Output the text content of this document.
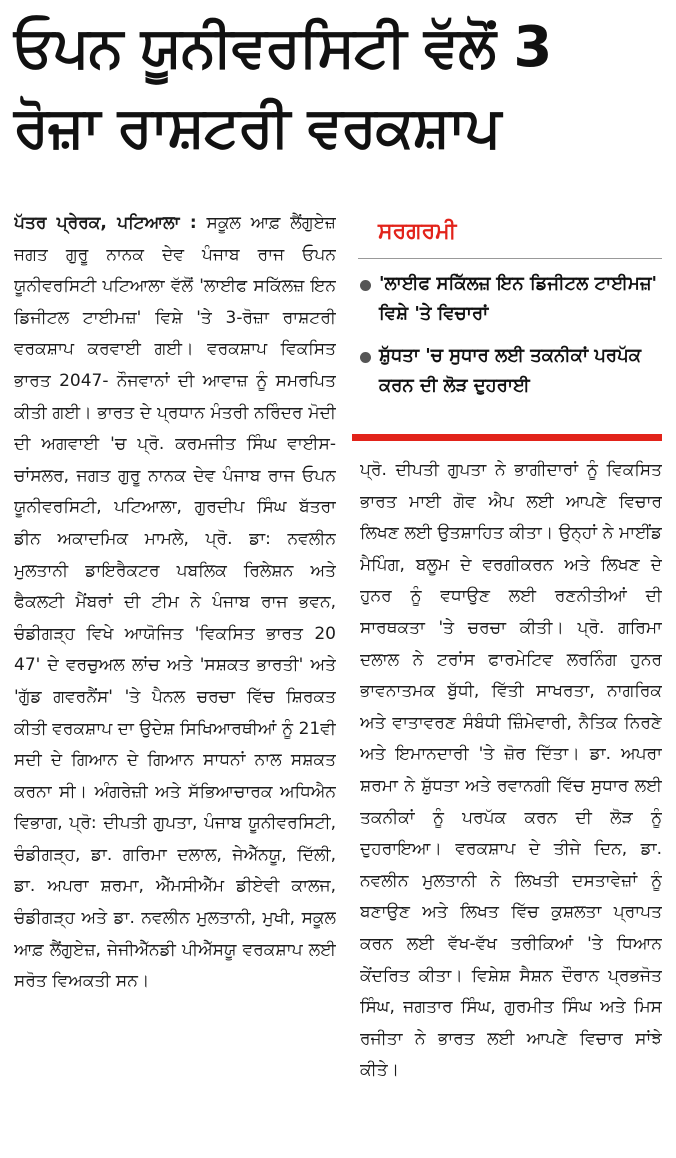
ਓਪਨ ਯੂਨੀਵਰਸਿਟੀ ਵੱਲੋਂ 3
ਰੋਜ਼ਾ ਰਾਸ਼ਟਰੀ ਵਰਕਸ਼ਾਪ

ਪੱਤਰ ਪ੍ਰੇਰਕ, ਪਟਿਆਲਾ : ਸਕੂਲ ਆਫ਼ ਲੈਂਗੁਏਜ਼ ਜਗਤ ਗੁਰੂ ਨਾਨਕ ਦੇਵ ਪੰਜਾਬ ਰਾਜ ਓਪਨ ਯੂਨੀਵਰਸਿਟੀ ਪਟਿਆਲਾ ਵੱਲੋਂ 'ਲਾਈਫ ਸਕਿੱਲਜ਼ ਇਨ ਡਿਜੀਟਲ ਟਾਈਮਜ਼' ਵਿਸ਼ੇ 'ਤੇ 3-ਰੋਜ਼ਾ ਰਾਸ਼ਟਰੀ ਵਰਕਸ਼ਾਪ ਕਰਵਾਈ ਗਈ। ਵਰਕਸ਼ਾਪ ਵਿਕਸਿਤ ਭਾਰਤ 2047- ਨੌਜਵਾਨਾਂ ਦੀ ਆਵਾਜ਼ ਨੂੰ ਸਮਰਪਿਤ ਕੀਤੀ ਗਈ। ਭਾਰਤ ਦੇ ਪ੍ਰਧਾਨ ਮੰਤਰੀ ਨਰਿੰਦਰ ਮੋਦੀ ਦੀ ਅਗਵਾਈ 'ਚ ਪ੍ਰੋ. ਕਰਮਜੀਤ ਸਿੰਘ ਵਾਈਸ-ਚਾਂਸਲਰ, ਜਗਤ ਗੁਰੂ ਨਾਨਕ ਦੇਵ ਪੰਜਾਬ ਰਾਜ ਓਪਨ ਯੂਨੀਵਰਸਿਟੀ, ਪਟਿਆਲਾ, ਗੁਰਦੀਪ ਸਿੰਘ ਬੱਤਰਾ ਡੀਨ ਅਕਾਦਮਿਕ ਮਾਮਲੇ, ਪ੍ਰੋ. ਡਾ: ਨਵਲੀਨ ਮੁਲਤਾਨੀ ਡਾਇਰੈਕਟਰ ਪਬਲਿਕ ਰਿਲੇਸ਼ਨ ਅਤੇ ਫੈਕਲਟੀ ਮੈਂਬਰਾਂ ਦੀ ਟੀਮ ਨੇ ਪੰਜਾਬ ਰਾਜ ਭਵਨ, ਚੰਡੀਗੜ੍ਹ ਵਿਖੇ ਆਯੋਜਿਤ 'ਵਿਕਸਿਤ ਭਾਰਤ 20 47' ਦੇ ਵਰਚੁਅਲ ਲਾਂਚ ਅਤੇ 'ਸਸ਼ਕਤ ਭਾਰਤੀ' ਅਤੇ 'ਗੁੱਡ ਗਵਰਨੈਂਸ' 'ਤੇ ਪੈਨਲ ਚਰਚਾ ਵਿੱਚ ਸ਼ਿਰਕਤ ਕੀਤੀ ਵਰਕਸ਼ਾਪ ਦਾ ਉਦੇਸ਼ ਸਿਖਿਆਰਥੀਆਂ ਨੂੰ 21ਵੀ ਸਦੀ ਦੇ ਗਿਆਨ ਦੇ ਗਿਆਨ ਸਾਧਨਾਂ ਨਾਲ ਸਸ਼ਕਤ ਕਰਨਾ ਸੀ। ਅੰਗਰੇਜ਼ੀ ਅਤੇ ਸੱਭਿਆਚਾਰਕ ਅਧਿਐਨ ਵਿਭਾਗ, ਪ੍ਰੋ: ਦੀਪਤੀ ਗੁਪਤਾ, ਪੰਜਾਬ ਯੂਨੀਵਰਸਿਟੀ, ਚੰਡੀਗੜ੍ਹ, ਡਾ. ਗਰਿਮਾ ਦਲਾਲ, ਜੇਐੱਨਯੂ, ਦਿੱਲੀ, ਡਾ. ਅਪਰਾ ਸ਼ਰਮਾ, ਐੱਮਸੀਐੱਮ ਡੀਏਵੀ ਕਾਲਜ, ਚੰਡੀਗੜ੍ਹ ਅਤੇ ਡਾ. ਨਵਲੀਨ ਮੁਲਤਾਨੀ, ਮੁਖੀ, ਸਕੂਲ ਆਫ਼ ਲੈਂਗੁਏਜ਼, ਜੇਜੀਐੱਨਡੀ ਪੀਐੱਸਯੂ ਵਰਕਸ਼ਾਪ ਲਈ ਸਰੋਤ ਵਿਅਕਤੀ ਸਨ।

ਸਰਗਰਮੀ
'ਲਾਈਫ ਸਕਿੱਲਜ਼ ਇਨ ਡਿਜੀਟਲ ਟਾਈਮਜ਼' ਵਿਸ਼ੇ 'ਤੇ ਵਿਚਾਰਾਂ
ਸ਼ੁੱਧਤਾ 'ਚ ਸੁਧਾਰ ਲਈ ਤਕਨੀਕਾਂ ਪਰਪੱਕ ਕਰਨ ਦੀ ਲੋੜ ਦੁਹਰਾਈ

ਪ੍ਰੋ. ਦੀਪਤੀ ਗੁਪਤਾ ਨੇ ਭਾਗੀਦਾਰਾਂ ਨੂੰ ਵਿਕਸਿਤ ਭਾਰਤ ਮਾਈ ਗੋਵ ਐਪ ਲਈ ਆਪਣੇ ਵਿਚਾਰ ਲਿਖਣ ਲਈ ਉਤਸ਼ਾਹਿਤ ਕੀਤਾ। ਉਨ੍ਹਾਂ ਨੇ ਮਾਈਂਡ ਮੈਪਿੰਗ, ਬਲੂਮ ਦੇ ਵਰਗੀਕਰਨ ਅਤੇ ਲਿਖਣ ਦੇ ਹੁਨਰ ਨੂੰ ਵਧਾਉਣ ਲਈ ਰਣਨੀਤੀਆਂ ਦੀ ਸਾਰਥਕਤਾ 'ਤੇ ਚਰਚਾ ਕੀਤੀ। ਪ੍ਰੋ. ਗਰਿਮਾ ਦਲਾਲ ਨੇ ਟਰਾਂਸ ਫਾਰਮੇਟਿਵ ਲਰਨਿੰਗ ਹੁਨਰ ਭਾਵਨਾਤਮਕ ਬੁੱਧੀ, ਵਿੱਤੀ ਸਾਖਰਤਾ, ਨਾਗਰਿਕ ਅਤੇ ਵਾਤਾਵਰਣ ਸੰਬੰਧੀ ਜ਼ਿੰਮੇਵਾਰੀ, ਨੈਤਿਕ ਨਿਰਣੇ ਅਤੇ ਇਮਾਨਦਾਰੀ 'ਤੇ ਜ਼ੋਰ ਦਿੱਤਾ। ਡਾ. ਅਪਰਾ ਸ਼ਰਮਾ ਨੇ ਸ਼ੁੱਧਤਾ ਅਤੇ ਰਵਾਨਗੀ ਵਿੱਚ ਸੁਧਾਰ ਲਈ ਤਕਨੀਕਾਂ ਨੂੰ ਪਰਪੱਕ ਕਰਨ ਦੀ ਲੋੜ ਨੂੰ ਦੁਹਰਾਇਆ। ਵਰਕਸ਼ਾਪ ਦੇ ਤੀਜੇ ਦਿਨ, ਡਾ. ਨਵਲੀਨ ਮੁਲਤਾਨੀ ਨੇ ਲਿਖਤੀ ਦਸਤਾਵੇਜ਼ਾਂ ਨੂੰ ਬਣਾਉਣ ਅਤੇ ਲਿਖਤ ਵਿੱਚ ਕੁਸ਼ਲਤਾ ਪ੍ਰਾਪਤ ਕਰਨ ਲਈ ਵੱਖ-ਵੱਖ ਤਰੀਕਿਆਂ 'ਤੇ ਧਿਆਨ ਕੇਂਦਰਿਤ ਕੀਤਾ। ਵਿਸ਼ੇਸ਼ ਸੈਸ਼ਨ ਦੌਰਾਨ ਪ੍ਰਭਜੋਤ ਸਿੰਘ, ਜਗਤਾਰ ਸਿੰਘ, ਗੁਰਮੀਤ ਸਿੰਘ ਅਤੇ ਮਿਸ ਰਜੀਤਾ ਨੇ ਭਾਰਤ ਲਈ ਆਪਣੇ ਵਿਚਾਰ ਸਾਂਝੇ ਕੀਤੇ।
